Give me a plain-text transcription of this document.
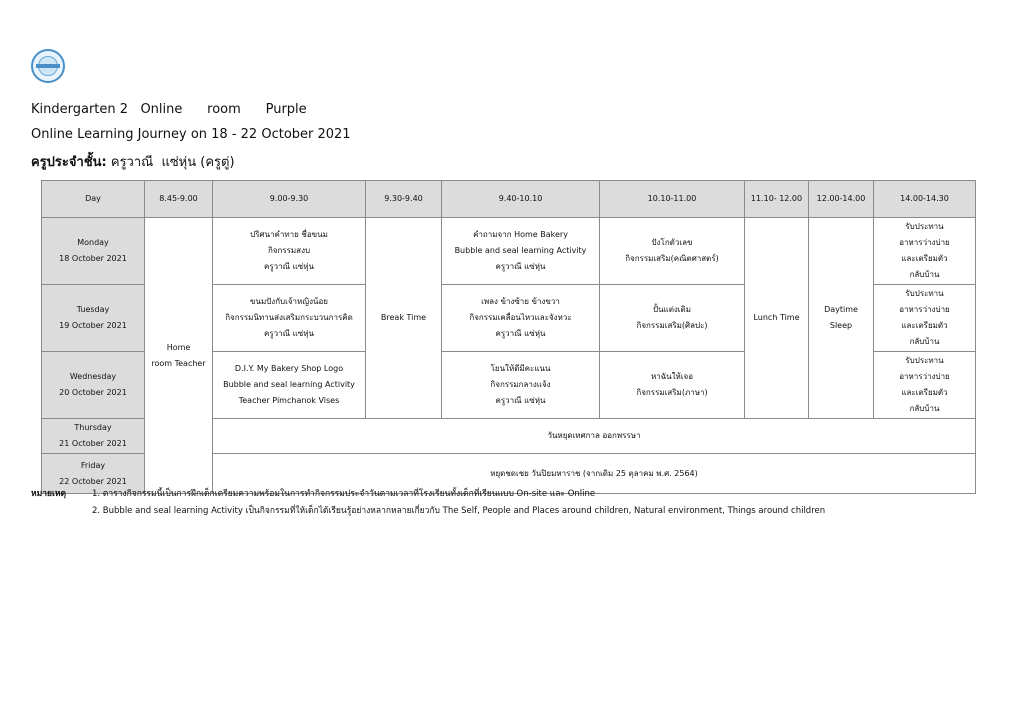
Kindergarten 2   Online      room      Purple
Online Learning Journey on 18 - 22 October 2021
ครูประจำชั้น: ครูวาณี  แซ่หุ่น (ครูตู่)
Day	8.45-9.00	9.00-9.30	9.30-9.40	9.40-10.10	10.10-11.00	11.10- 12.00	12.00-14.00	14.00-14.30

Monday
18 October 2021	Home
room Teacher	ปริศนาคำทาย ชื่อขนม
กิจกรรมสงบ
ครูวาณี แซ่หุ่น	Break Time	คำถามจาก Home Bakery
Bubble and seal learning Activity
ครูวาณี แซ่หุ่น	ปังโกตัวเลข
กิจกรรมเสริม(คณิตศาสตร์)	Lunch Time	Daytime
Sleep	รับประทาน
อาหารว่างบ่าย
และเตรียมตัว
กลับบ้าน

Tuesday
19 October 2021		ขนมปังกับเจ้าหญิงน้อย
กิจกรรมนิทานส่งเสริมกระบวนการคิด
ครูวาณี แซ่หุ่น		เพลง ข้างซ้าย ข้างขวา
กิจกรรมเคลื่อนไหวและจังหวะ
ครูวาณี แซ่หุ่น	ปั้นแต่งเติม
กิจกรรมเสริม(ศิลปะ)			รับประทาน
อาหารว่างบ่าย
และเตรียมตัว
กลับบ้าน

Wednesday
20 October 2021		D.I.Y. My Bakery Shop Logo
Bubble and seal learning Activity
Teacher Pimchanok Vises		โยนให้ดีมีคะแนน
กิจกรรมกลางแจ้ง
ครูวาณี แซ่หุ่น	หาฉันให้เจอ
กิจกรรมเสริม(ภาษา)			รับประทาน
อาหารว่างบ่าย
และเตรียมตัว
กลับบ้าน

Thursday
21 October 2021		วันหยุดเทศกาล ออกพรรษา						

Friday
22 October 2021		หยุดชดเชย วันปิยมหาราช (จากเดิม 25 ตุลาคม พ.ศ. 2564)						
หมายเหตุ	1. ตารางกิจกรรมนี้เป็นการฝึกเด็กเตรียมความพร้อมในการทำกิจกรรมประจำวันตามเวลาที่โรงเรียนทั้งเด็กที่เรียนแบบ On-site และ Online
2. Bubble and seal learning Activity เป็นกิจกรรมที่ให้เด็กได้เรียนรู้อย่างหลากหลายเกี่ยวกับ The Self, People and Places around children, Natural environment, Things around children
